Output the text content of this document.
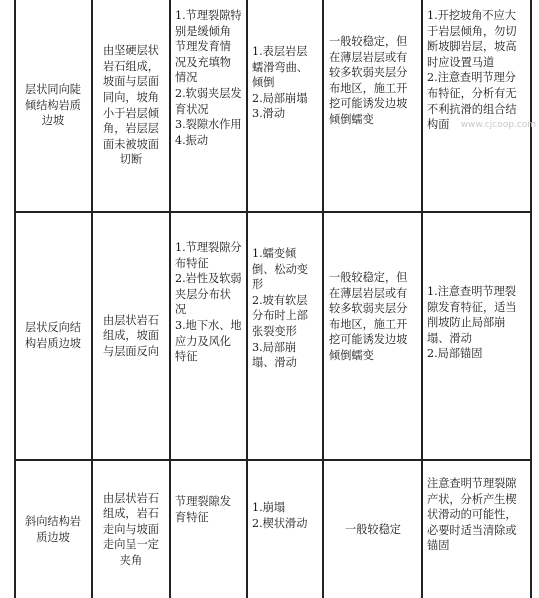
层状同向陡倾结构岩质边坡
由坚硬层状岩石组成，坡面与层面同向，坡角小于岩层倾角，岩层层面未被坡面切断
1.节理裂隙特别是缓倾角节理发育情况及充填物情况
2.软弱夹层发育状况
3.裂隙水作用
4.振动
1.表层岩层蠕滑弯曲、倾倒
2.局部崩塌
3.滑动
一般较稳定，但在薄层岩层或有较多软弱夹层分布地区，施工开挖可能诱发边坡倾倒蠕变
1.开挖坡角不应大于岩层倾角，勿切断坡脚岩层，坡高时应设置马道
2.注意查明节理分布特征，分析有无不利抗滑的组合结构面
层状反向结构岩质边坡
由层状岩石组成，坡面与层面反向
1.节理裂隙分布特征
2.岩性及软弱夹层分布状况
3.地下水、地应力及风化特征
1.蠕变倾倒、松动变形
2.坡有软层分布时上部张裂变形
3.局部崩塌、滑动
一般较稳定，但在薄层岩层或有较多软弱夹层分布地区，施工开挖可能诱发边坡倾倒蠕变
1.注意查明节理裂隙发育特征，适当削坡防止局部崩塌、滑动
2.局部锚固
斜向结构岩质边坡
由层状岩石组成，岩石走向与坡面走向呈一定夹角
节理裂隙发育特征
1.崩塌
2.楔状滑动	一般较稳定
注意查明节理裂隙产状，分析产生楔状滑动的可能性，必要时适当清除或锚固
www.cjcoop.com
